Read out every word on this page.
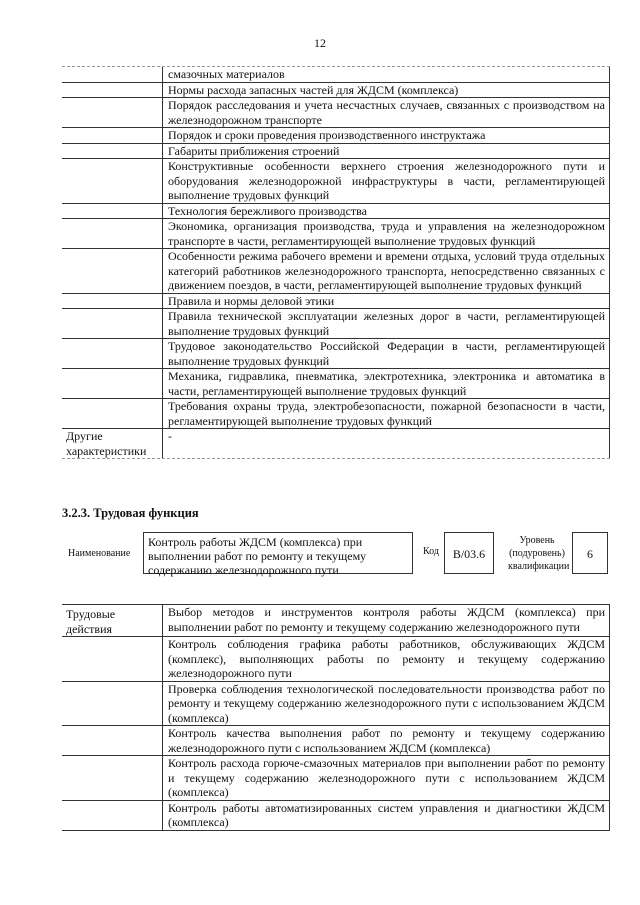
12
смазочных материалов
Нормы расхода запасных частей для ЖДСМ (комплекса)
Порядок расследования и учета несчастных случаев, связанных с производством на железнодорожном транспорте
Порядок и сроки проведения производственного инструктажа
Габариты приближения строений
Конструктивные особенности верхнего строения железнодорожного пути и оборудования железнодорожной инфраструктуры в части, регламентирующей выполнение трудовых функций
Технология бережливого производства
Экономика, организация производства, труда и управления на железнодорожном транспорте в части, регламентирующей выполнение трудовых функций
Особенности режима рабочего времени и времени отдыха, условий труда отдельных категорий работников железнодорожного транспорта, непосредственно связанных с движением поездов, в части, регламентирующей выполнение трудовых функций
Правила и нормы деловой этики
Правила технической эксплуатации железных дорог в части, регламентирующей выполнение трудовых функций
Трудовое законодательство Российской Федерации в части, регламентирующей выполнение трудовых функций
Механика, гидравлика, пневматика, электротехника, электроника и автоматика в части, регламентирующей выполнение трудовых функций
Требования охраны труда, электробезопасности, пожарной безопасности в части, регламентирующей выполнение трудовых функций
Другие характеристики
-
3.2.3. Трудовая функция
Наименование
Контроль работы ЖДСМ (комплекса) при выполнении работ по ремонту и текущему содержанию железнодорожного пути
Код	B/03.6
Уровень (подуровень) квалификации
6
Трудовые действия
Выбор методов и инструментов контроля работы ЖДСМ (комплекса) при выполнении работ по ремонту и текущему содержанию железнодорожного пути
Контроль соблюдения графика работы работников, обслуживающих ЖДСМ (комплекс), выполняющих работы по ремонту и текущему содержанию железнодорожного пути
Проверка соблюдения технологической последовательности производства работ по ремонту и текущему содержанию железнодорожного пути с использованием ЖДСМ (комплекса)
Контроль качества выполнения работ по ремонту и текущему содержанию железнодорожного пути с использованием ЖДСМ (комплекса)
Контроль расхода горюче-смазочных материалов при выполнении работ по ремонту и текущему содержанию железнодорожного пути с использованием ЖДСМ (комплекса)
Контроль работы автоматизированных систем управления и диагностики ЖДСМ (комплекса)
